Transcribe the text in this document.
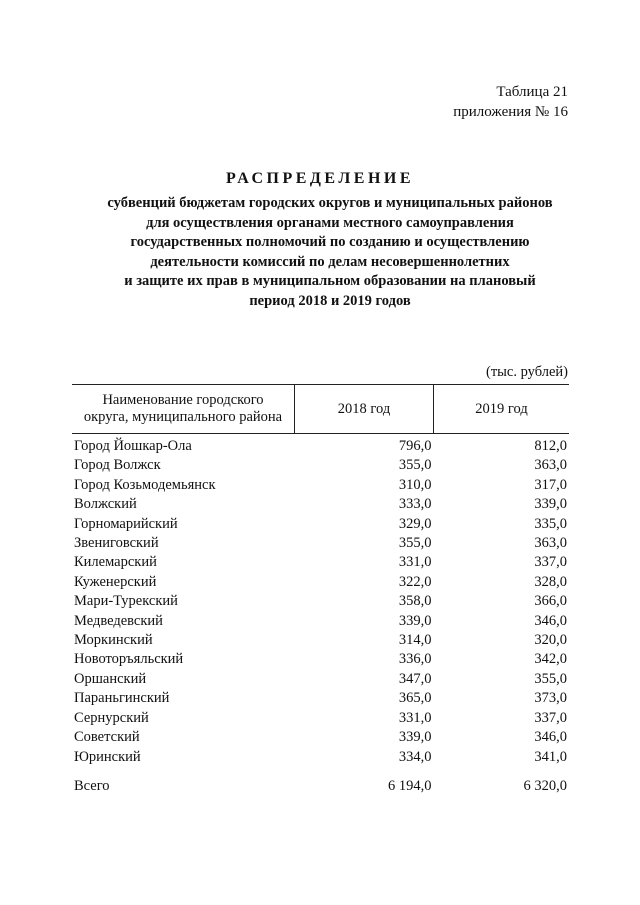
Таблица 21
приложения № 16
РАСПРЕДЕЛЕНИЕ
субвенций бюджетам городских округов и муниципальных районов
для осуществления органами местного самоуправления
государственных полномочий по созданию и осуществлению
деятельности комиссий по делам несовершеннолетних
и защите их прав в муниципальном образовании на плановый
период 2018 и 2019 годов
(тыс. рублей)
Наименование городского
округа, муниципального района	2018 год	2019 год
Город Йошкар-Ола	796,0	812,0
Город Волжск	355,0	363,0
Город Козьмодемьянск	310,0	317,0
Волжский	333,0	339,0
Горномарийский	329,0	335,0
Звениговский	355,0	363,0
Килемарский	331,0	337,0
Куженерский	322,0	328,0
Мари-Турекский	358,0	366,0
Медведевский	339,0	346,0
Моркинский	314,0	320,0
Новоторъяльский	336,0	342,0
Оршанский	347,0	355,0
Параньгинский	365,0	373,0
Сернурский	331,0	337,0
Советский	339,0	346,0
Юринский	334,0	341,0
Всего	6 194,0	6 320,0
